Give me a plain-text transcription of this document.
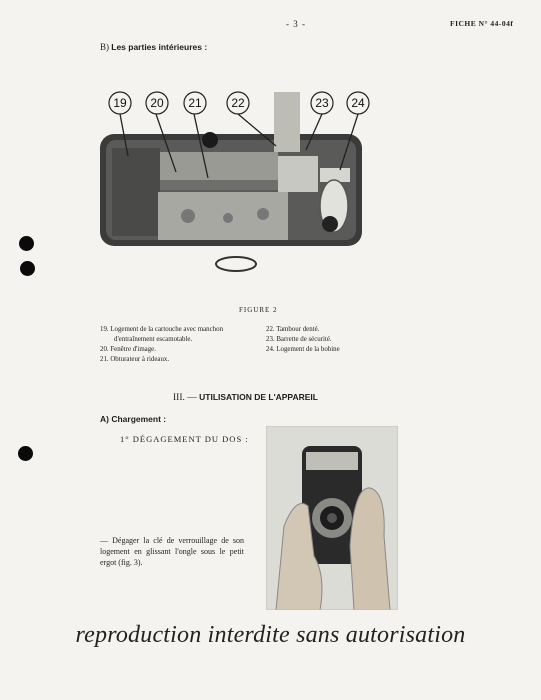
- 3 -	FICHE N° 44-04f
B) Les parties intérieures :
19 20 21 22	23 24
FIGURE 2

19. Logement de la cartouche avec manchon d'entraînement escamotable.

20. Fenêtre d'image.

21. Obturateur à rideaux.

22. Tambour denté.

23. Barrette de sécurité.

24. Logement de la bobine

III. — UTILISATION DE L'APPAREIL
A) Chargement :
1° DÉGAGEMENT DU DOS :
— Dégager la clé de verrouillage de son logement en glissant l'ongle sous le petit ergot (fig. 3).
reproduction interdite sans autorisation
